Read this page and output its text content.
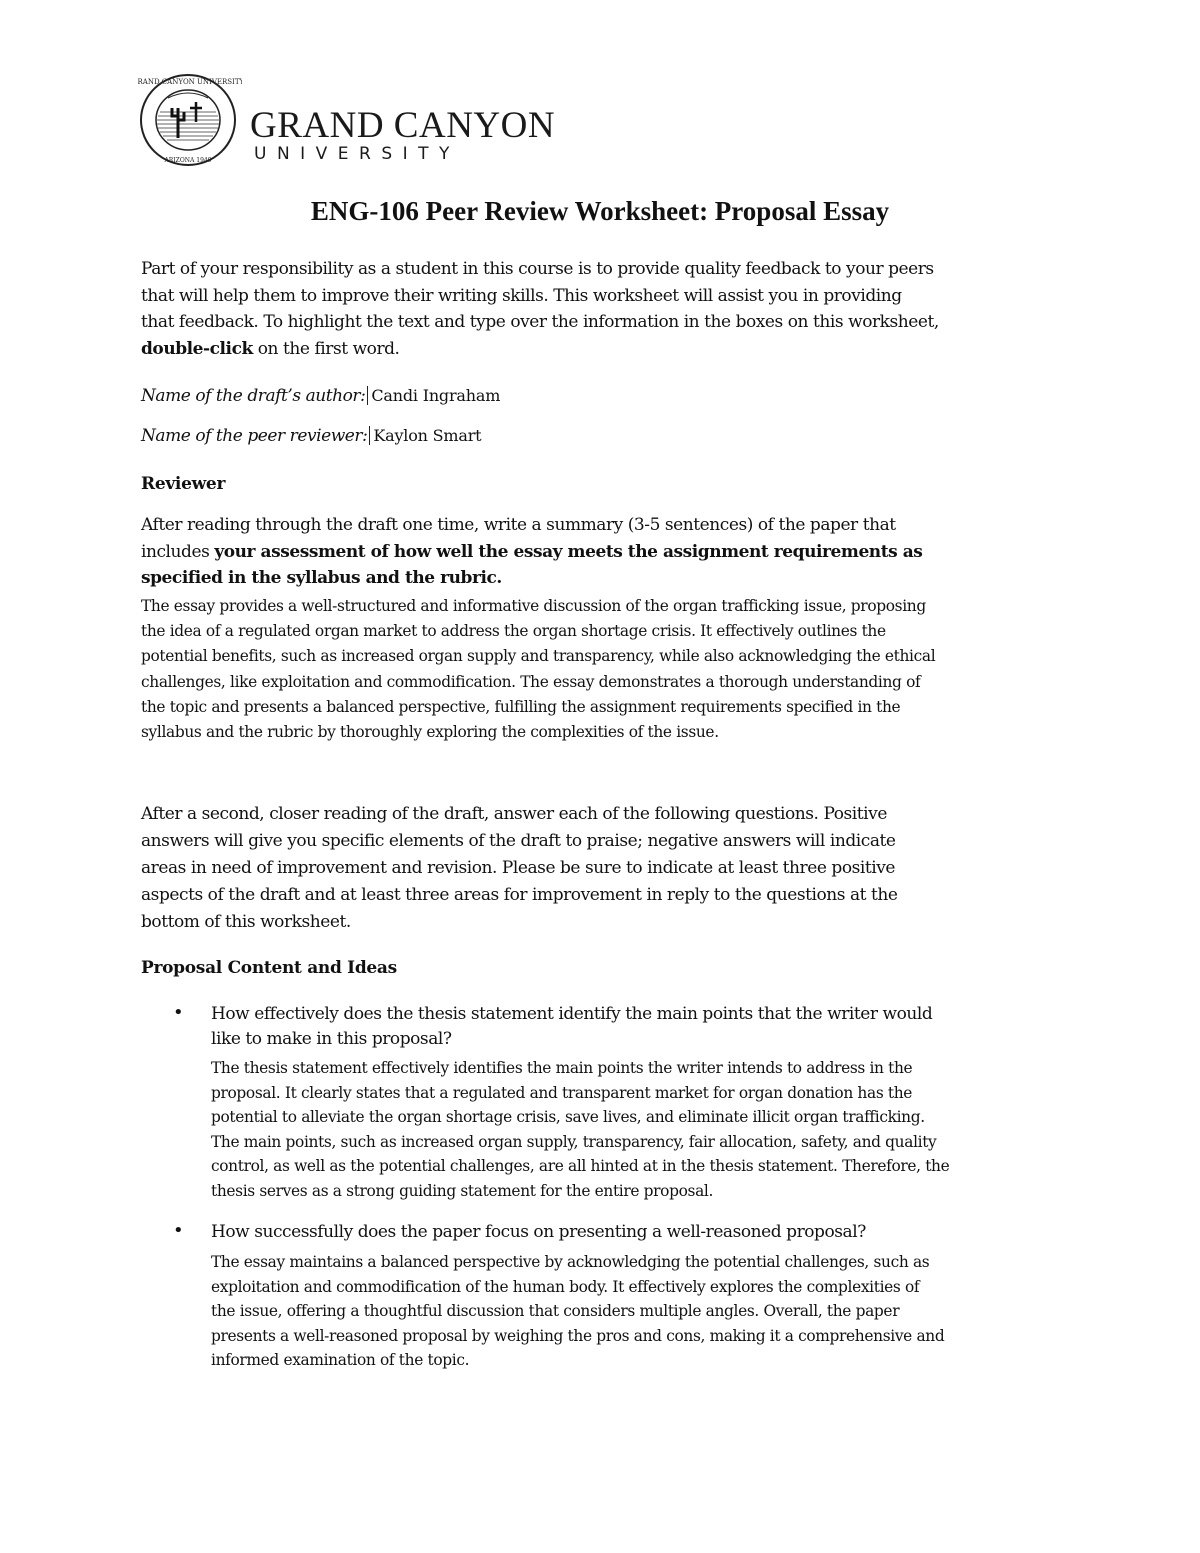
GRAND CANYON UNIVERSITY
ARIZONA 1949
GRAND CANYON
UNIVERSITY
ENG-106 Peer Review Worksheet: Proposal Essay
Part of your responsibility as a student in this course is to provide quality feedback to your peers
that will help them to improve their writing skills. This worksheet will assist you in providing
that feedback. To highlight the text and type over the information in the boxes on this worksheet,
double-click on the first word.
Name of the draft’s author: Candi Ingraham
Name of the peer reviewer: Kaylon Smart
Reviewer
After reading through the draft one time, write a summary (3-5 sentences) of the paper that
includes your assessment of how well the essay meets the assignment requirements as
specified in the syllabus and the rubric.
The essay provides a well-structured and informative discussion of the organ trafficking issue, proposing
the idea of a regulated organ market to address the organ shortage crisis. It effectively outlines the
potential benefits, such as increased organ supply and transparency, while also acknowledging the ethical
challenges, like exploitation and commodification. The essay demonstrates a thorough understanding of
the topic and presents a balanced perspective, fulfilling the assignment requirements specified in the
syllabus and the rubric by thoroughly exploring the complexities of the issue.
After a second, closer reading of the draft, answer each of the following questions. Positive
answers will give you specific elements of the draft to praise; negative answers will indicate
areas in need of improvement and revision. Please be sure to indicate at least three positive
aspects of the draft and at least three areas for improvement in reply to the questions at the
bottom of this worksheet.
Proposal Content and Ideas
• How effectively does the thesis statement identify the main points that the writer would
like to make in this proposal?
The thesis statement effectively identifies the main points the writer intends to address in the
proposal. It clearly states that a regulated and transparent market for organ donation has the
potential to alleviate the organ shortage crisis, save lives, and eliminate illicit organ trafficking.
The main points, such as increased organ supply, transparency, fair allocation, safety, and quality
control, as well as the potential challenges, are all hinted at in the thesis statement. Therefore, the
thesis serves as a strong guiding statement for the entire proposal.
• How successfully does the paper focus on presenting a well-reasoned proposal?
The essay maintains a balanced perspective by acknowledging the potential challenges, such as
exploitation and commodification of the human body. It effectively explores the complexities of
the issue, offering a thoughtful discussion that considers multiple angles. Overall, the paper
presents a well-reasoned proposal by weighing the pros and cons, making it a comprehensive and
informed examination of the topic.
